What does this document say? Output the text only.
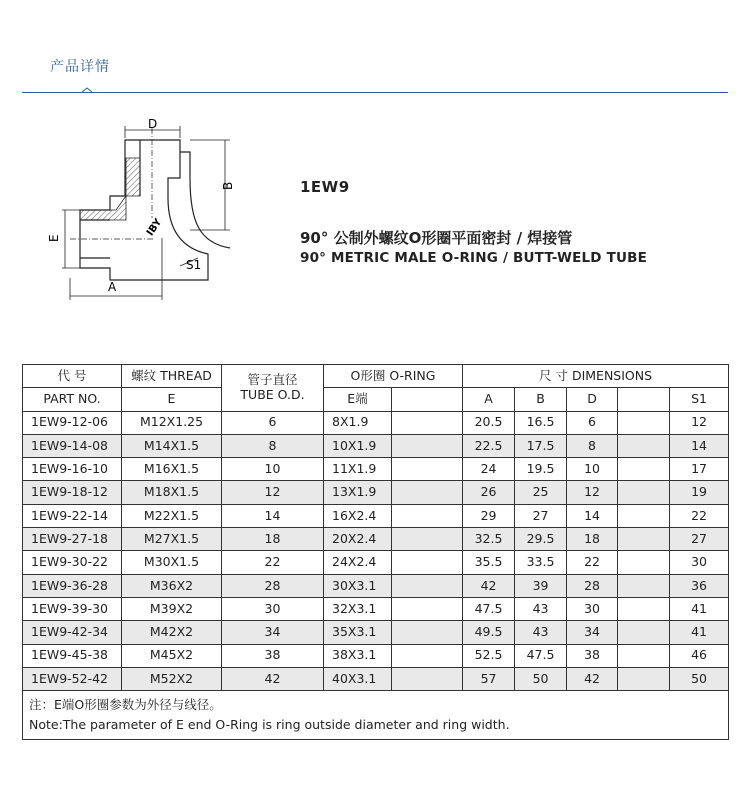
产品详情
D
B
E
A
S1
IBY
1EW9
90° 公制外螺纹O形圈平面密封 / 焊接管
90° METRIC MALE O-RING / BUTT-WELD TUBE
代 号	螺纹 THREAD	管子直径
TUBE O.D.	O形圈 O-RING		尺 寸 DIMENSIONS				
PART NO.	E		E端		A	B	D		S1
1EW9-12-06	M12X1.25	6	8X1.9		20.5	16.5	6		12
1EW9-14-08	M14X1.5	8	10X1.9		22.5	17.5	8		14
1EW9-16-10	M16X1.5	10	11X1.9		24	19.5	10		17
1EW9-18-12	M18X1.5	12	13X1.9		26	25	12		19
1EW9-22-14	M22X1.5	14	16X2.4		29	27	14		22
1EW9-27-18	M27X1.5	18	20X2.4		32.5	29.5	18		27
1EW9-30-22	M30X1.5	22	24X2.4		35.5	33.5	22		30
1EW9-36-28	M36X2	28	30X3.1		42	39	28		36
1EW9-39-30	M39X2	30	32X3.1		47.5	43	30		41
1EW9-42-34	M42X2	34	35X3.1		49.5	43	34		41
1EW9-45-38	M45X2	38	38X3.1		52.5	47.5	38		46
1EW9-52-42	M52X2	42	40X3.1		57	50	42		50

注：E端O形圈参数为外径与线径。
Note:The parameter of E end O-Ring is ring outside diameter and ring width.									
